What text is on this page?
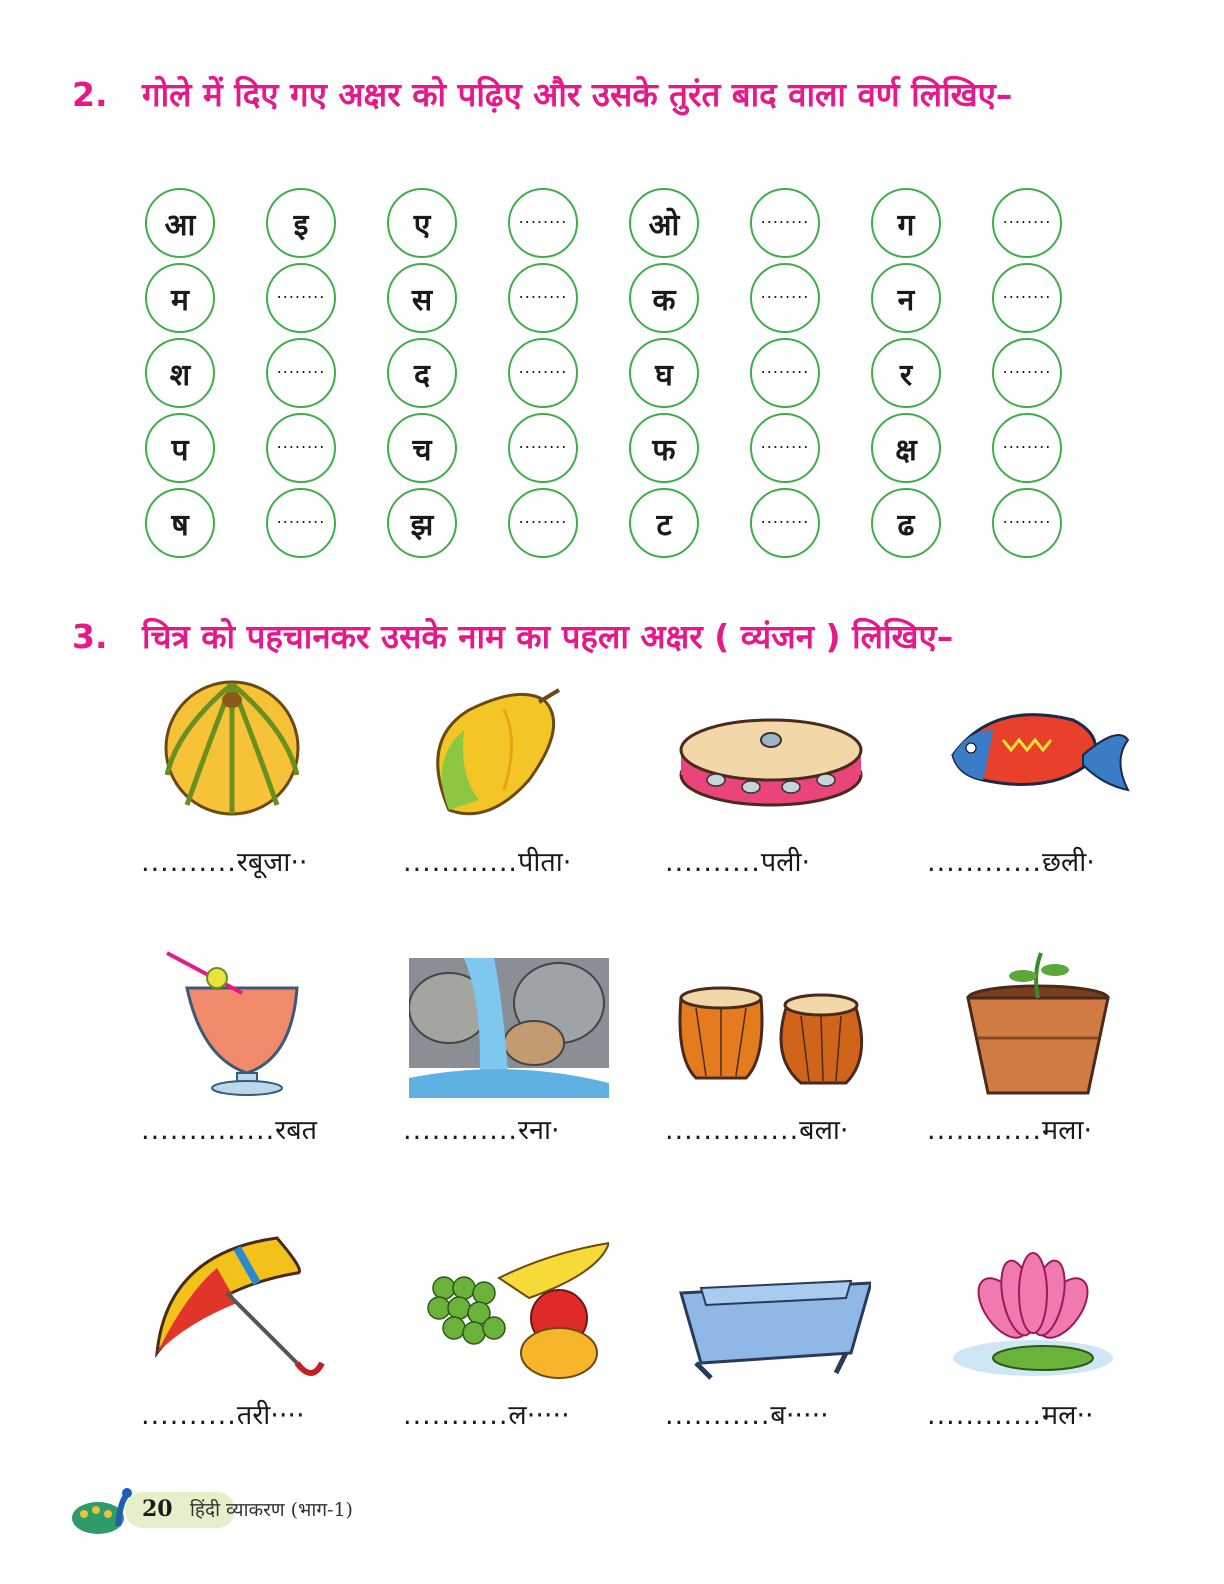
2. गोले में दिए गए अक्षर को पढ़िए और उसके तुरंत बाद वाला वर्ण लिखिए–
आ	इ	ए	........	ओ	........	ग	........
म	........	स	........	क	........	न	........
श	........	द	........	घ	........	र	........
प	........	च	........	फ	........	क्ष	........
ष	........	झ	........	ट	........	ढ	........
3. चित्र को पहचानकर उसके नाम का पहला अक्षर ( व्यंजन ) लिखिए–
..........रबूजा··	............पीता·	..........पली·	............छली·
..............रबत	............रना·	..............बला·	............मला·
..........तरी····	...........ल·····	...........ब·····	............मल··
20 हिंदी व्याकरण (भाग-1)
